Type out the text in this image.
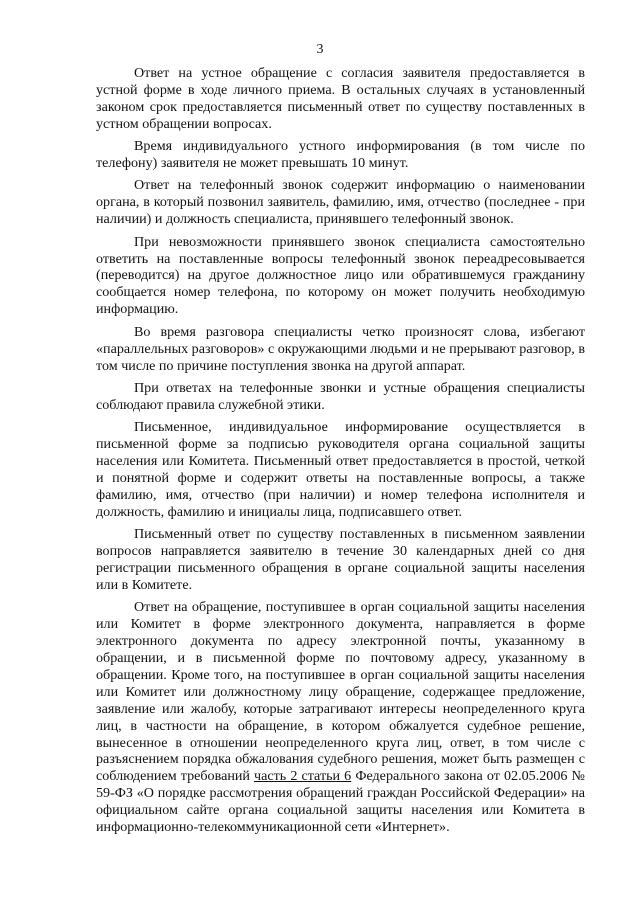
3

Ответ на устное обращение с согласия заявителя предоставляется в устной форме в ходе личного приема. В остальных случаях в установленный законом срок предоставляется письменный ответ по существу поставленных в устном обращении вопросах.

Время индивидуального устного информирования (в том числе по телефону) заявителя не может превышать 10 минут.

Ответ на телефонный звонок содержит информацию о наименовании органа, в который позвонил заявитель, фамилию, имя, отчество (последнее - при наличии) и должность специалиста, принявшего телефонный звонок.

При невозможности принявшего звонок специалиста самостоятельно ответить на поставленные вопросы телефонный звонок переадресовывается (переводится) на другое должностное лицо или обратившемуся гражданину сообщается номер телефона, по которому он может получить необходимую информацию.

Во время разговора специалисты четко произносят слова, избегают «параллельных разговоров» с окружающими людьми и не прерывают разговор, в том числе по причине поступления звонка на другой аппарат.

При ответах на телефонные звонки и устные обращения специалисты соблюдают правила служебной этики.

Письменное, индивидуальное информирование осуществляется в письменной форме за подписью руководителя органа социальной защиты населения или Комитета. Письменный ответ предоставляется в простой, четкой и понятной форме и содержит ответы на поставленные вопросы, а также фамилию, имя, отчество (при наличии) и номер телефона исполнителя и должность, фамилию и инициалы лица, подписавшего ответ.

Письменный ответ по существу поставленных в письменном заявлении вопросов направляется заявителю в течение 30 календарных дней со дня регистрации письменного обращения в органе социальной защиты населения или в Комитете.

Ответ на обращение, поступившее в орган социальной защиты населения или Комитет в форме электронного документа, направляется в форме электронного документа по адресу электронной почты, указанному в обращении, и в письменной форме по почтовому адресу, указанному в обращении. Кроме того, на поступившее в орган социальной защиты населения или Комитет или должностному лицу обращение, содержащее предложение, заявление или жалобу, которые затрагивают интересы неопределенного круга лиц, в частности на обращение, в котором обжалуется судебное решение, вынесенное в отношении неопределенного круга лиц, ответ, в том числе с разъяснением порядка обжалования судебного решения, может быть размещен с соблюдением требований часть 2 статьи 6 Федерального закона от 02.05.2006 № 59-ФЗ «О порядке рассмотрения обращений граждан Российской Федерации» на официальном сайте органа социальной защиты населения или Комитета в информационно-телекоммуникационной сети «Интернет».
